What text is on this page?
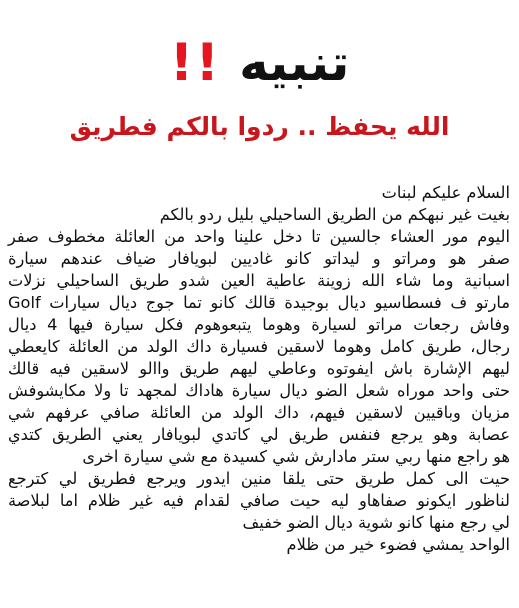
تنبيه
!!
الله يحفظ .. ردوا بالكم فطريق
السلام عليكم لبنات
بغيت غير نبهكم من الطريق الساحيلي بليل ردو بالكم
اليوم مور العشاء جالسين تا دخل علينا واحد من العائلة مخطوف صفر
صفر هو ومراتو و ليداتو كانو غاديين لبويافار ضياف عندهم سيارة
اسبانية وما شاء الله زوينة عاطية العين شدو طريق الساحيلي نزلات
مارتو ف فسطاسيو ديال بوجيدة قالك كانو تما جوج ديال سيارات Golf
وفاش رجعات مراتو لسيارة وهوما يتبعوهوم فكل سيارة فيها 4 ديال
رجال، طريق كامل وهوما لاسقين فسيارة داك الولد من العائلة كايعطي
ليهم الإشارة باش ايفوتوه وعاطي ليهم طريق واالو لاسقين فيه قالك
حتى واحد موراه شعل الضو ديال سيارة هاداك لمجهد تا ولا مكايشوفش
مزيان وباقيين لاسقين فيهم، داك الولد من العائلة صافي عرفهم شي
عصابة وهو يرجع فنفس طريق لي كاتدي لبويافار يعني الطريق كتدي
هو راجع منها ربي ستر مادارش شي كسيدة مع شي سيارة اخرى
حيت الى كمل طريق حتى يلقا منين ايدور ويرجع فطريق لي كترجع
لناظور ايكونو صفاهاو ليه حيت صافي لقدام فيه غير ظلام اما لبلاصة
لي رجع منها كانو شوية ديال الضو خفيف
الواحد يمشي فضوء خير من ظلام
